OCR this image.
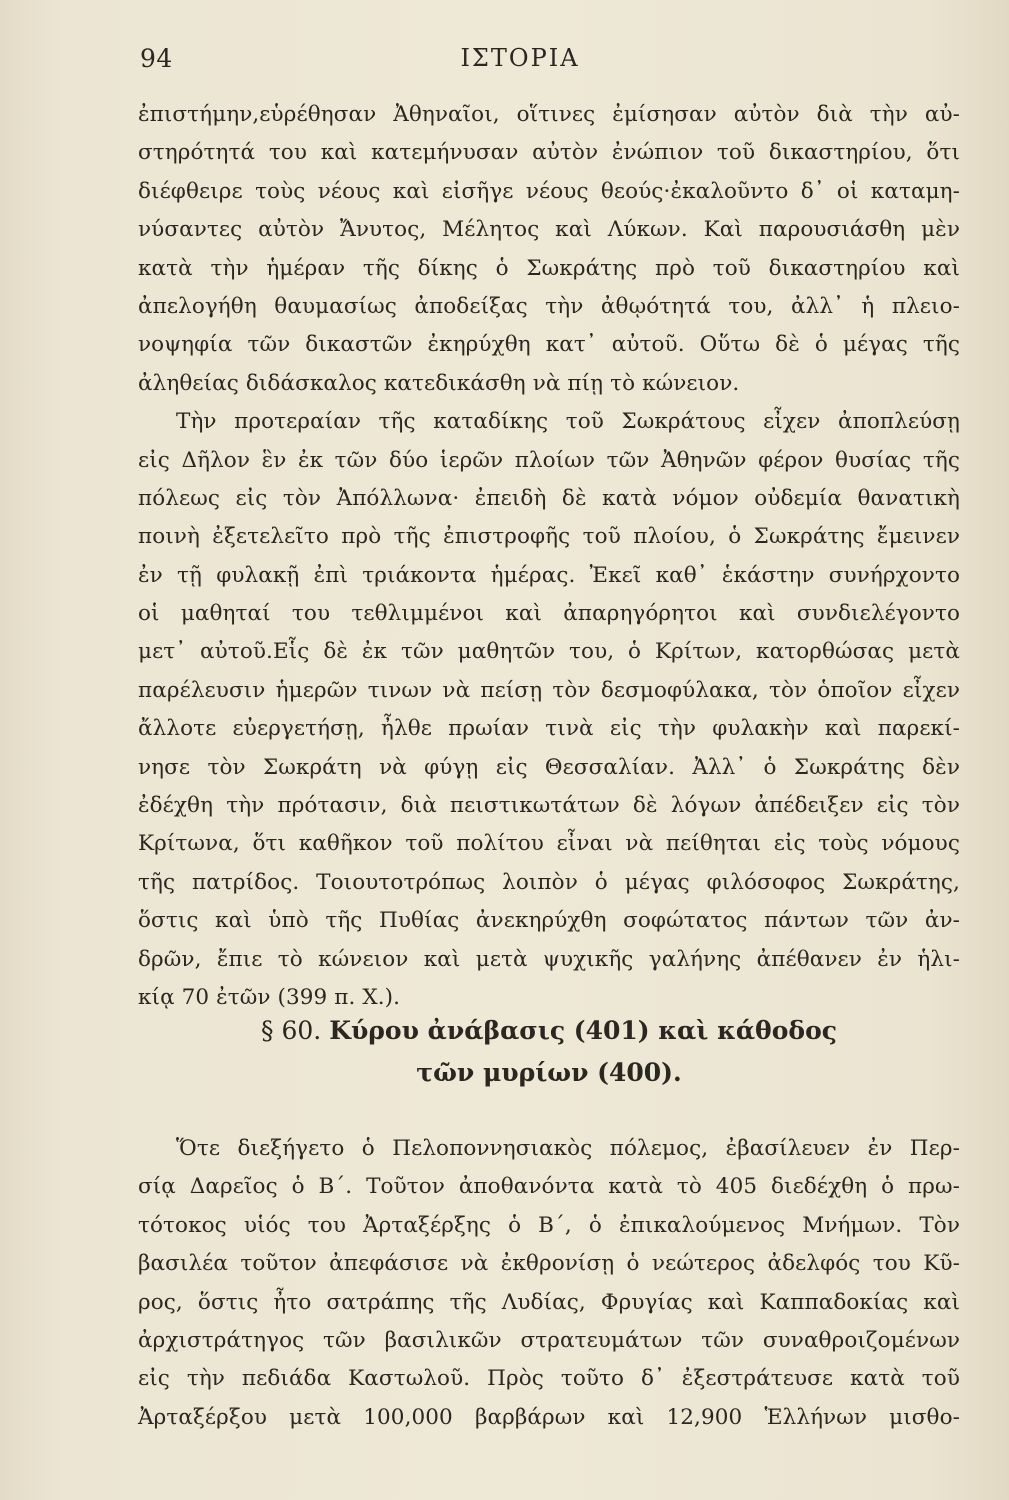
94	ΙΣΤΟΡΙΑ
ἐπιστήμην,εὑρέθησαν Ἀθηναῖοι, οἵτινες ἐμίσησαν αὐτὸν διὰ τὴν αὐ-
στηρότητά του καὶ κατεμήνυσαν αὐτὸν ἐνώπιον τοῦ δικαστηρίου, ὅτι
διέφθειρε τοὺς νέους καὶ εἰσῆγε νέους θεούς·ἐκαλοῦντο δ᾽ οἱ καταμη-
νύσαντες αὐτὸν Ἄνυτος, Μέλητος καὶ Λύκων. Καὶ παρουσιάσθη μὲν
κατὰ τὴν ἡμέραν τῆς δίκης ὁ Σωκράτης πρὸ τοῦ δικαστηρίου καὶ
ἀπελογήθη θαυμασίως ἀποδείξας τὴν ἀθῳότητά του, ἀλλ᾽ ἡ πλειο-
νοψηφία τῶν δικαστῶν ἐκηρύχθη κατ᾽ αὐτοῦ. Οὕτω δὲ ὁ μέγας τῆς
ἀληθείας διδάσκαλος κατεδικάσθη νὰ πίῃ τὸ κώνειον.
Τὴν προτεραίαν τῆς καταδίκης τοῦ Σωκράτους εἶχεν ἀποπλεύσῃ
εἰς Δῆλον ἓν ἐκ τῶν δύο ἱερῶν πλοίων τῶν Ἀθηνῶν φέρον θυσίας τῆς
πόλεως εἰς τὸν Ἀπόλλωνα· ἐπειδὴ δὲ κατὰ νόμον οὐδεμία θανατικὴ
ποινὴ ἐξετελεῖτο πρὸ τῆς ἐπιστροφῆς τοῦ πλοίου, ὁ Σωκράτης ἔμεινεν
ἐν τῇ φυλακῇ ἐπὶ τριάκοντα ἡμέρας. Ἐκεῖ καθ᾽ ἑκάστην συνήρχοντο
οἱ μαθηταί του τεθλιμμένοι καὶ ἀπαρηγόρητοι καὶ συνδιελέγοντο
μετ᾽ αὐτοῦ.Εἷς δὲ ἐκ τῶν μαθητῶν του, ὁ Κρίτων, κατορθώσας μετὰ
παρέλευσιν ἡμερῶν τινων νὰ πείσῃ τὸν δεσμοφύλακα, τὸν ὁποῖον εἶχεν
ἄλλοτε εὐεργετήσῃ, ἦλθε πρωίαν τινὰ εἰς τὴν φυλακὴν καὶ παρεκί-
νησε τὸν Σωκράτη νὰ φύγῃ εἰς Θεσσαλίαν. Ἀλλ᾽ ὁ Σωκράτης δὲν
ἐδέχθη τὴν πρότασιν, διὰ πειστικωτάτων δὲ λόγων ἀπέδειξεν εἰς τὸν
Κρίτωνα, ὅτι καθῆκον τοῦ πολίτου εἶναι νὰ πείθηται εἰς τοὺς νόμους
τῆς πατρίδος. Τοιουτοτρόπως λοιπὸν ὁ μέγας φιλόσοφος Σωκράτης,
ὅστις καὶ ὑπὸ τῆς Πυθίας ἀνεκηρύχθη σοφώτατος πάντων τῶν ἀν-
δρῶν, ἔπιε τὸ κώνειον καὶ μετὰ ψυχικῆς γαλήνης ἀπέθανεν ἐν ἡλι-
κίᾳ 70 ἐτῶν (399 π. Χ.).
§ 60. Κύρου ἀνάβασις (401) καὶ κάθοδος
τῶν μυρίων (400).
Ὅτε διεξήγετο ὁ Πελοποννησιακὸς πόλεμος, ἐβασίλευεν ἐν Περ-
σίᾳ Δαρεῖος ὁ Β΄. Τοῦτον ἀποθανόντα κατὰ τὸ 405 διεδέχθη ὁ πρω-
τότοκος υἱός του Ἀρταξέρξης ὁ Β΄, ὁ ἐπικαλούμενος Μνήμων. Τὸν
βασιλέα τοῦτον ἀπεφάσισε νὰ ἐκθρονίσῃ ὁ νεώτερος ἀδελφός του Κῦ-
ρος, ὅστις ἦτο σατράπης τῆς Λυδίας, Φρυγίας καὶ Καππαδοκίας καὶ
ἀρχιστράτηγος τῶν βασιλικῶν στρατευμάτων τῶν συναθροιζομένων
εἰς τὴν πεδιάδα Καστωλοῦ. Πρὸς τοῦτο δ᾽ ἐξεστράτευσε κατὰ τοῦ
Ἀρταξέρξου μετὰ 100,000 βαρβάρων καὶ 12,900 Ἑλλήνων μισθο-
